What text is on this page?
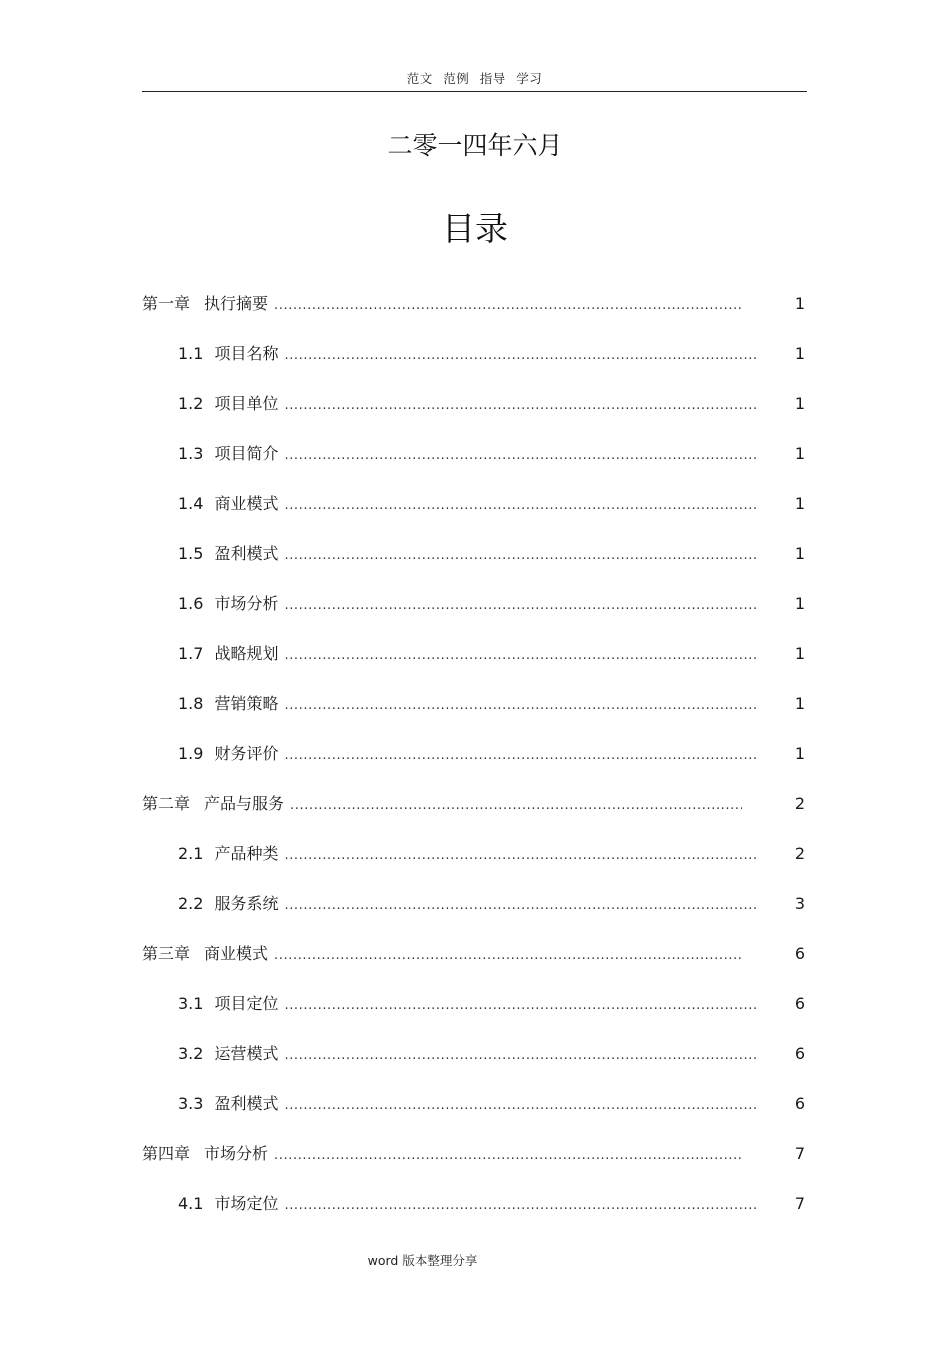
范文 范例 指导 学习
二零一四年六月
目录
第一章 执行摘要 .....	1
1.1 项目名称 .....	1
1.2 项目单位 .....	1
1.3 项目简介 .....	1
1.4 商业模式 .....	1
1.5 盈利模式 .....	1
1.6 市场分析 .....	1
1.7 战略规划 .....	1
1.8 营销策略 .....	1
1.9 财务评价 .....	1
第二章 产品与服务 .....	2
2.1 产品种类 .....	2
2.2 服务系统 .....	3
第三章 商业模式 .....	6
3.1 项目定位 .....	6
3.2 运营模式 .....	6
3.3 盈利模式 .....	6
第四章 市场分析 .....	7
4.1 市场定位 .....	7
word 版本整理分享
